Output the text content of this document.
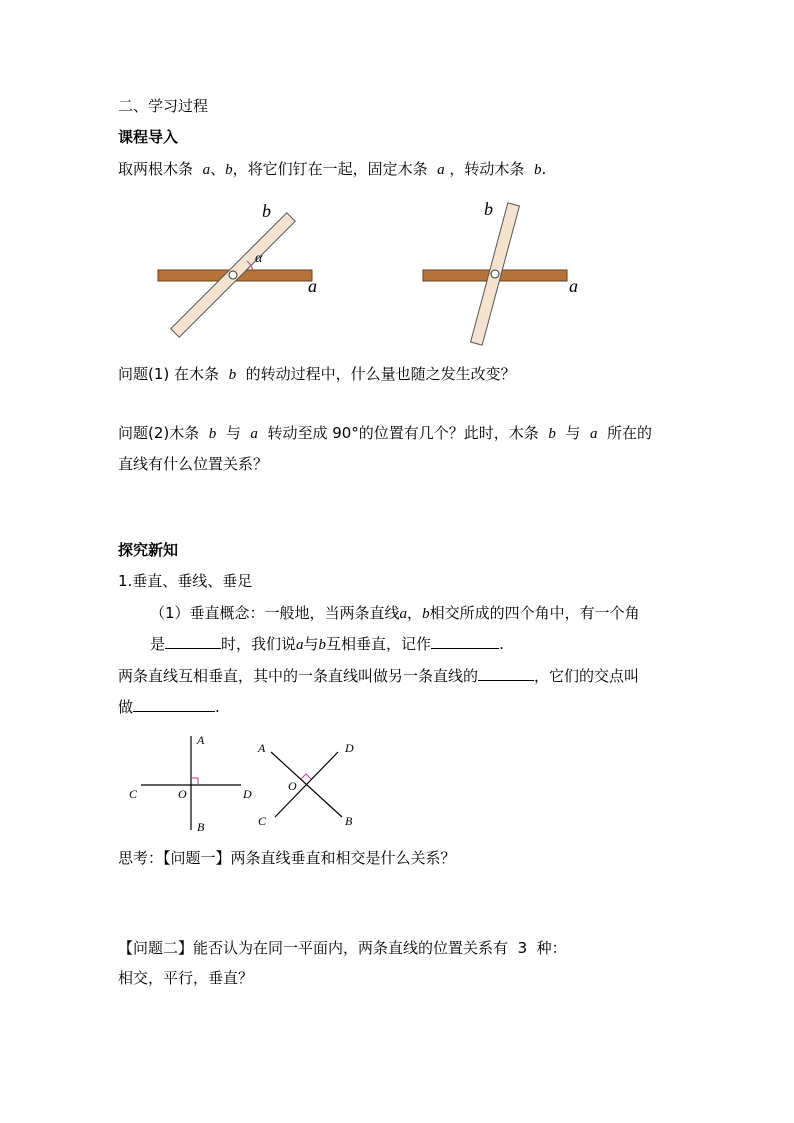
二、学习过程
课程导入
取两根木条 a、b，将它们钉在一起，固定木条 a ，转动木条 b.
α
b
a
b
a
问题(1) 在木条 b 的转动过程中，什么量也随之发生改变？
问题(2)木条 b 与 a 转动至成 90°的位置有几个？此时，木条 b 与 a 所在的
直线有什么位置关系？
探究新知
1.垂直、垂线、垂足
（1）垂直概念：一般地，当两条直线a，b相交所成的四个角中，有一个角
是	时，我们说a与b互相垂直，记作	.
两条直线互相垂直，其中的一条直线叫做另一条直线的	，它们的交点叫
做	.
A
B
C	D
O
A	D
C	B
O
思考：【问题一】两条直线垂直和相交是什么关系？
【问题二】能否认为在同一平面内，两条直线的位置关系有 3 种：
相交，平行，垂直？
